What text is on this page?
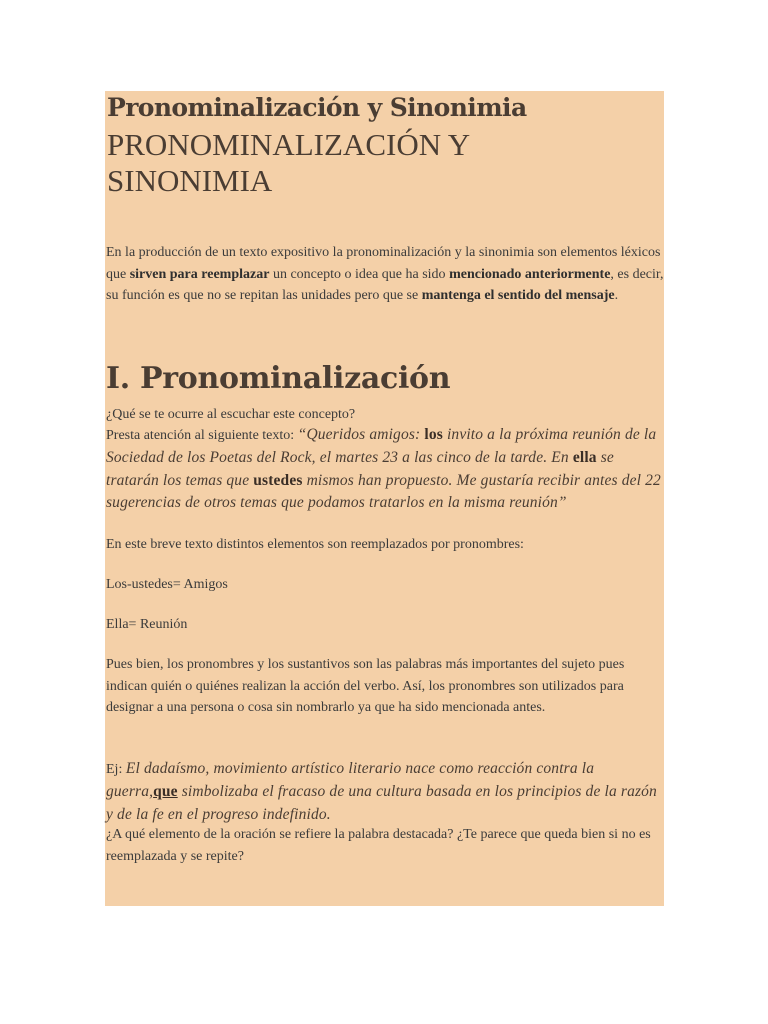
Pronominalización y Sinonimia
PRONOMINALIZACIÓN Y SINONIMIA

En la producción de un texto expositivo la pronominalización y la sinonimia son elementos léxicos que sirven para reemplazar un concepto o idea que ha sido mencionado anteriormente, es decir, su función es que no se repitan las unidades pero que se mantenga el sentido del mensaje.

I. Pronominalización

¿Qué se te ocurre al escuchar este concepto?

Presta atención al siguiente texto: “Queridos amigos: los invito a la próxima reunión de la Sociedad de los Poetas del Rock, el martes 23 a las cinco de la tarde. En ella se tratarán los temas que ustedes mismos han propuesto. Me gustaría recibir antes del 22 sugerencias de otros temas que podamos tratarlos en la misma reunión”

En este breve texto distintos elementos son reemplazados por pronombres:

Los-ustedes= Amigos

Ella= Reunión

Pues bien, los pronombres y los sustantivos son las palabras más importantes del sujeto pues indican quién o quiénes realizan la acción del verbo. Así, los pronombres son utilizados para designar a una persona o cosa sin nombrarlo ya que ha sido mencionada antes.

Ej: El dadaísmo, movimiento artístico literario nace como reacción contra la guerra,que simbolizaba el fracaso de una cultura basada en los principios de la razón y de la fe en el progreso indefinido.

¿A qué elemento de la oración se refiere la palabra destacada? ¿Te parece que queda bien si no es reemplazada y se repite?
